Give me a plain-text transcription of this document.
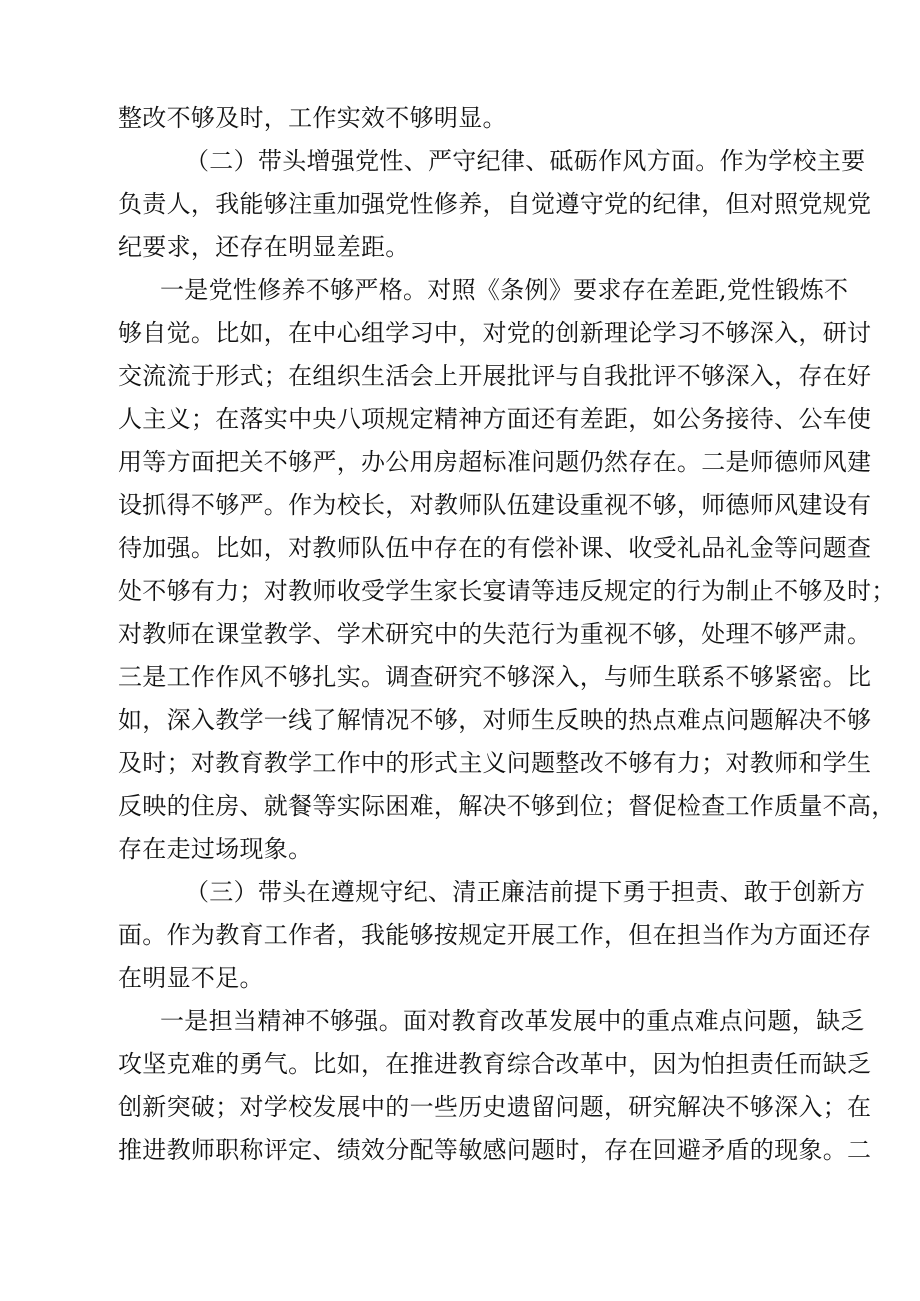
整改不够及时，工作实效不够明显。

（二）带头增强党性、严守纪律、砥砺作风方面。作为学校主要

负责人，我能够注重加强党性修养，自觉遵守党的纪律，但对照党规党

纪要求，还存在明显差距。

一是党性修养不够严格。对照《条例》要求存在差距,党性锻炼不

够自觉。比如，在中心组学习中，对党的创新理论学习不够深入，研讨

交流流于形式；在组织生活会上开展批评与自我批评不够深入，存在好

人主义；在落实中央八项规定精神方面还有差距，如公务接待、公车使

用等方面把关不够严，办公用房超标准问题仍然存在。二是师德师风建

设抓得不够严。作为校长，对教师队伍建设重视不够，师德师风建设有

待加强。比如，对教师队伍中存在的有偿补课、收受礼品礼金等问题查

处不够有力；对教师收受学生家长宴请等违反规定的行为制止不够及时；

对教师在课堂教学、学术研究中的失范行为重视不够，处理不够严肃。

三是工作作风不够扎实。调查研究不够深入，与师生联系不够紧密。比

如，深入教学一线了解情况不够，对师生反映的热点难点问题解决不够

及时；对教育教学工作中的形式主义问题整改不够有力；对教师和学生

反映的住房、就餐等实际困难，解决不够到位；督促检查工作质量不高，

存在走过场现象。

（三）带头在遵规守纪、清正廉洁前提下勇于担责、敢于创新方

面。作为教育工作者，我能够按规定开展工作，但在担当作为方面还存

在明显不足。

一是担当精神不够强。面对教育改革发展中的重点难点问题，缺乏

攻坚克难的勇气。比如，在推进教育综合改革中，因为怕担责任而缺乏

创新突破；对学校发展中的一些历史遗留问题，研究解决不够深入；在

推进教师职称评定、绩效分配等敏感问题时，存在回避矛盾的现象。二
